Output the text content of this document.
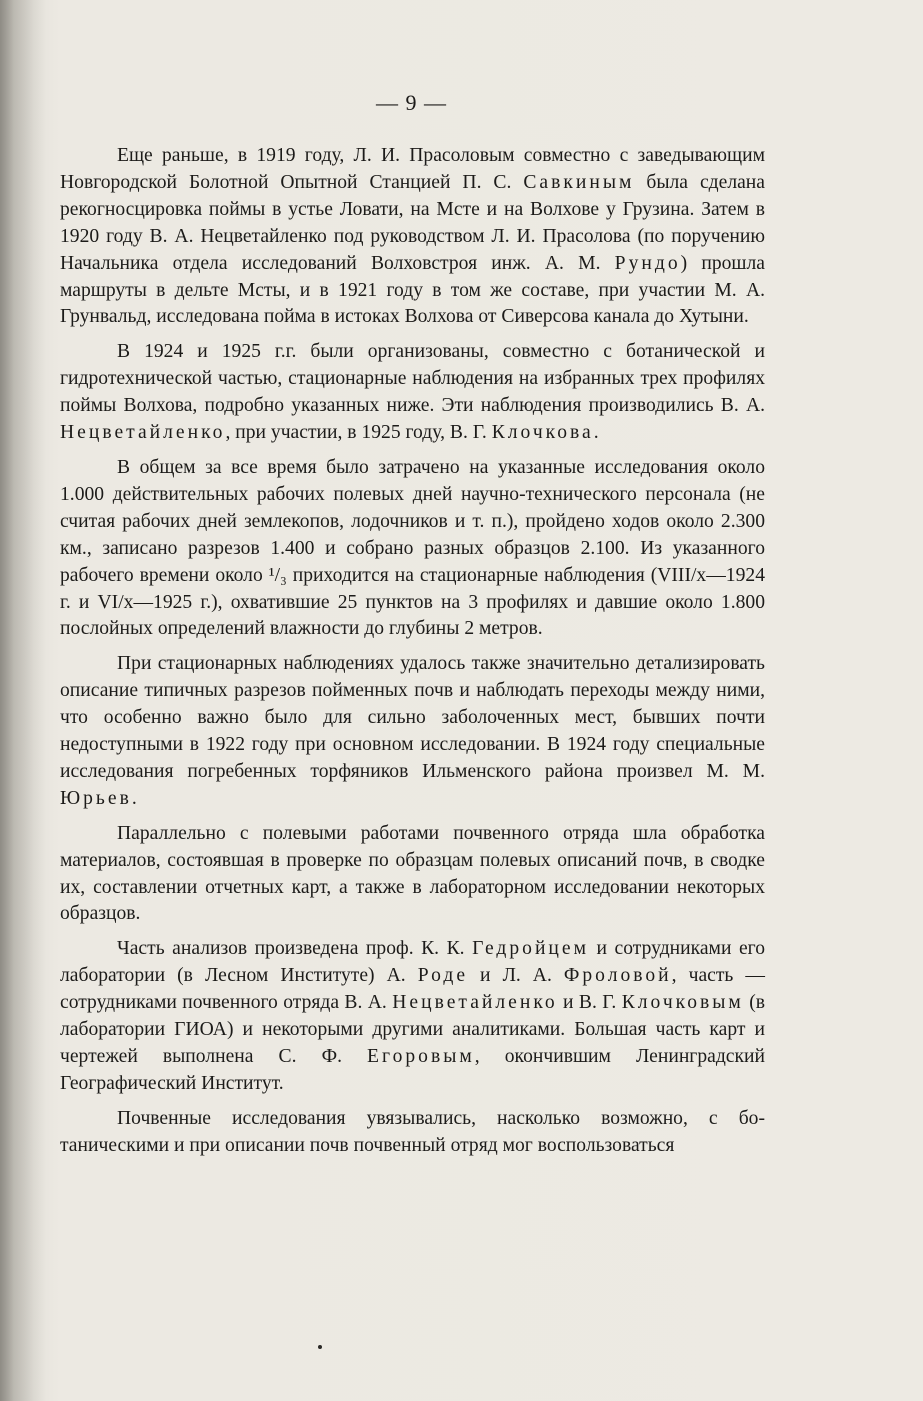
— 9 —

Еще раньше, в 1919 году, Л. И. Прасоловым совместно с заведывающим Новгородской Болотной Опытной Станцией П. С. Савкиным была сделана рекогносцировка поймы в устье Ловати, на Мсте и на Волхове у Грузина. Затем в 1920 году В. А. Нецветайленко под руководством Л. И. Прасолова (по поручению Начальника отдела исследований Волховстроя инж. А. М. Рундо) прошла маршруты в дельте Мсты, и в 1921 году в том же составе, при участии М. А. Грунвальд, исследована пойма в истоках Волхова от Сиверсова канала до Хутыни.

В 1924 и 1925 г.г. были организованы, совместно с ботанической и гидротехнической частью, стационарные наблюдения на избранных трех профилях поймы Волхова, подробно указанных ниже. Эти наблюдения производились В. А. Нецветайленко, при участии, в 1925 году, В. Г. Клочкова.

В общем за все время было затрачено на указанные исследования около 1.000 действительных рабочих полевых дней научно-технического персонала (не считая рабочих дней землекопов, лодочников и т. п.), пройдено ходов около 2.300 км., записано разрезов 1.400 и собрано разных образцов 2.100. Из указанного рабочего времени около ¹/₃ приходится на стационарные наблюдения (VIII/x—1924 г. и VI/x—1925 г.), охватившие 25 пунктов на 3 профилях и давшие около 1.800 послойных определений влажности до глубины 2 метров.

При стационарных наблюдениях удалось также значительно детализировать описание типичных разрезов пойменных почв и наблюдать переходы между ними, что особенно важно было для сильно заболоченных мест, бывших почти недоступными в 1922 году при основном исследовании. В 1924 году специальные исследования погребенных торфяников Ильменского района произвел М. М. Юрьев.

Параллельно с полевыми работами почвенного отряда шла обработка материалов, состоявшая в проверке по образцам полевых описаний почв, в сводке их, составлении отчетных карт, а также в лабораторном исследовании некоторых образцов.

Часть анализов произведена проф. К. К. Гедройцем и сотрудниками его лаборатории (в Лесном Институте) А. Роде и Л. А. Фроловой, часть — сотрудниками почвенного отряда В. А. Нецветайленко и В. Г. Клочковым (в лаборатории ГИОА) и некоторыми другими аналитиками. Большая часть карт и чертежей выполнена С. Ф. Егоровым, окончившим Ленинградский Географический Институт.

Почвенные исследования увязывались, насколько возможно, с ботаническими и при описании почв почвенный отряд мог воспользоваться
